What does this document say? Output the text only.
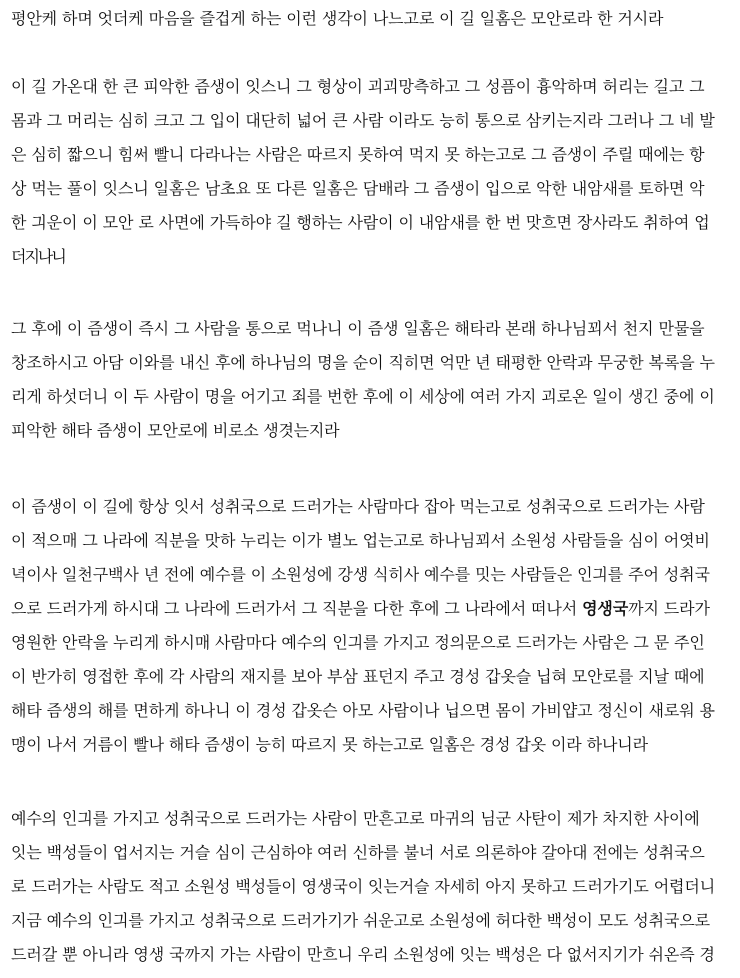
평안케 하며 엇더케 마음을 즐겁게 하는 이런 생각이 나느고로 이 길 일홈은 모안로라 한 거시라
이 길 가온대 한 큰 피악한 즘생이 잇스니 그 형상이 괴괴망측하고 그 성픔이 흉악하며 허리는 길고 그
몸과 그 머리는 심히 크고 그 입이 대단히 넓어 큰 사람 이라도 능히 통으로 삼키는지라 그러나 그 네 발
은 심히 짧으니 힘써 빨니 다라나는 사람은 따르지 못하여 먹지 못 하는고로 그 즘생이 주릴 때에는 항
상 먹는 풀이 잇스니 일홈은 남초요 또 다른 일홈은 담배라 그 즘생이 입으로 악한 내암새를 토하면 악
한 긔운이 이 모안 로 사면에 가득하야 길 행하는 사람이 이 내암새를 한 번 맛흐면 장사라도 취하여 업
더지나니
그 후에 이 즘생이 즉시 그 사람을 통으로 먹나니 이 즘생 일홈은 해타라 본래 하나님꾀서 천지 만물을
창조하시고 아담 이와를 내신 후에 하나님의 명을 순이 직히면 억만 년 태평한 안락과 무궁한 복록을 누
리게 하섯더니 이 두 사람이 명을 어기고 죄를 번한 후에 이 세상에 여러 가지 괴로온 일이 생긴 중에 이
피악한 해타 즘생이 모안로에 비로소 생겻는지라
이 즘생이 이 길에 항상 잇서 성취국으로 드러가는 사람마다 잡아 먹는고로 성취국으로 드러가는 사람
이 적으매 그 나라에 직분을 맛하 누리는 이가 별노 업는고로 하나님꾀서 소원성 사람들을 심이 어엿비
녁이사 일천구백사 년 전에 예수를 이 소원성에 강생 식히사 예수를 밋는 사람들은 인긔를 주어 성취국
으로 드러가게 하시대 그 나라에 드러가서 그 직분을 다한 후에 그 나라에서 떠나서 영생국까지 드라가
영원한 안락을 누리게 하시매 사람마다 예수의 인긔를 가지고 정의문으로 드러가는 사람은 그 문 주인
이 반가히 영접한 후에 각 사람의 재지를 보아 부삼 표던지 주고 경성 갑옷슬 닙혀 모안로를 지날 때에
해타 즘생의 해를 면하게 하나니 이 경성 갑옷슨 아모 사람이나 닙으면 몸이 가비얍고 정신이 새로워 용
맹이 나서 거름이 빨나 해타 즘생이 능히 따르지 못 하는고로 일홈은 경성 갑옷 이라 하나니라
예수의 인긔를 가지고 성취국으로 드러가는 사람이 만흔고로 마귀의 님군 사탄이 제가 차지한 사이에
잇는 백성들이 업서지는 거슬 심이 근심하야 여러 신하를 불너 서로 의론하야 갈아대 전에는 성취국으
로 드러가는 사람도 적고 소원성 백성들이 영생국이 잇는거슬 자세히 아지 못하고 드러가기도 어렵더니
지금 예수의 인긔를 가지고 성취국으로 드러가기가 쉬운고로 소원성에 허다한 백성이 모도 성취국으로
드러갈 뿐 아니라 영생 국까지 가는 사람이 만흐니 우리 소원성에 잇는 백성은 다 없서지기가 쉬온즉 경
